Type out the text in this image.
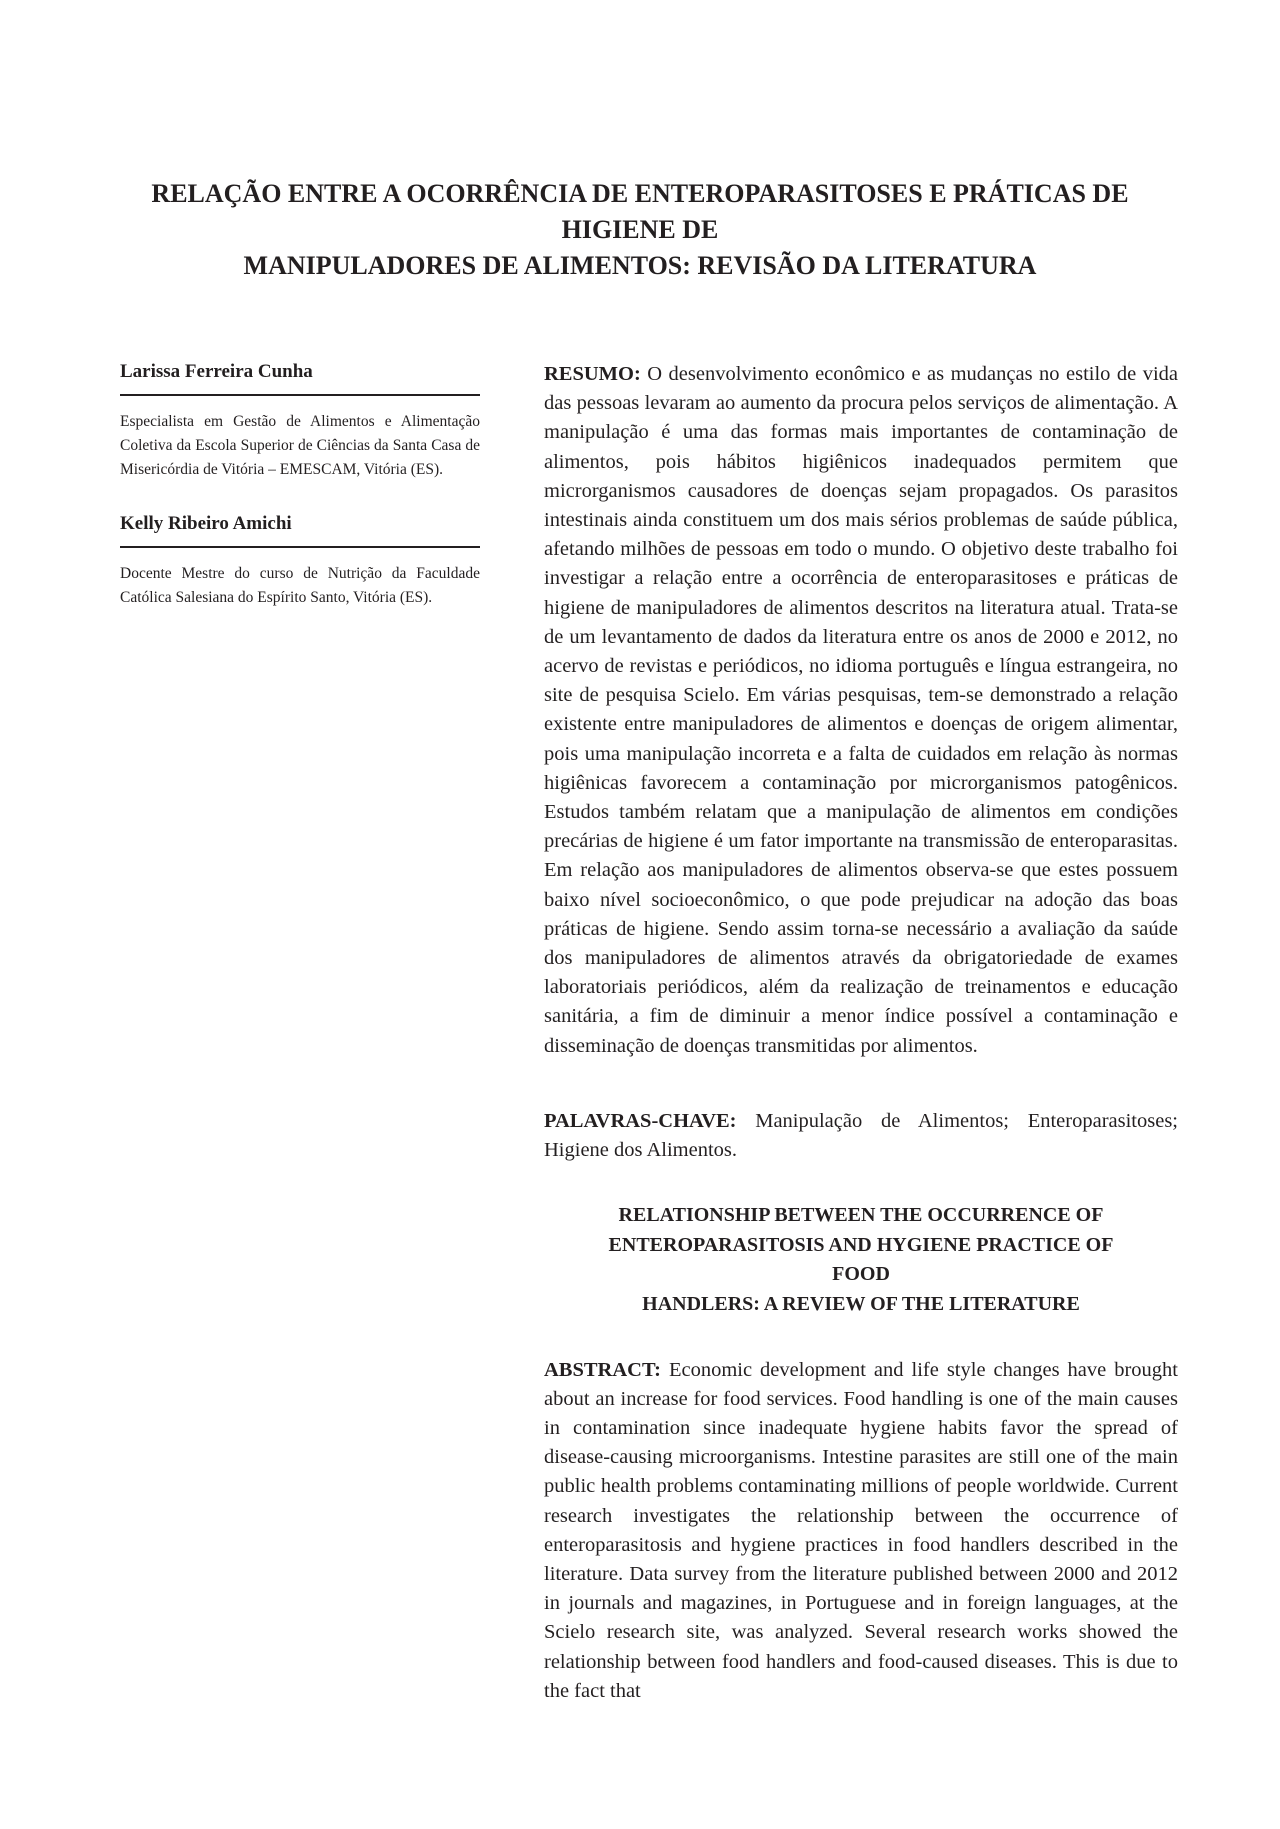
RELAÇÃO ENTRE A OCORRÊNCIA DE ENTEROPARASITOSES E PRÁTICAS DE HIGIENE DE
MANIPULADORES DE ALIMENTOS: REVISÃO DA LITERATURA
Larissa Ferreira Cunha
Especialista em Gestão de Alimentos e Alimentação Coletiva da Escola Superior de Ciências da Santa Casa de Misericórdia de Vitória – EMESCAM, Vitória (ES).
Kelly Ribeiro Amichi
Docente Mestre do curso de Nutrição da Faculdade Católica Salesiana do Espírito Santo, Vitória (ES).

RESUMO: O desenvolvimento econômico e as mudanças no estilo de vida das pessoas levaram ao aumento da procura pelos serviços de alimentação. A manipulação é uma das formas mais importantes de contaminação de alimentos, pois hábitos higiênicos inadequados permitem que microrganismos causadores de doenças sejam propagados. Os parasitos intestinais ainda constituem um dos mais sérios problemas de saúde pública, afetando milhões de pessoas em todo o mundo. O objetivo deste trabalho foi investigar a relação entre a ocorrência de enteroparasitoses e práticas de higiene de manipuladores de alimentos descritos na literatura atual. Trata-se de um levantamento de dados da literatura entre os anos de 2000 e 2012, no acervo de revistas e periódicos, no idioma português e língua estrangeira, no site de pesquisa Scielo. Em várias pesquisas, tem-se demonstrado a relação existente entre manipuladores de alimentos e doenças de origem alimentar, pois uma manipulação incorreta e a falta de cuidados em relação às normas higiênicas favorecem a contaminação por microrganismos patogênicos. Estudos também relatam que a manipulação de alimentos em condições precárias de higiene é um fator importante na transmissão de enteroparasitas. Em relação aos manipuladores de alimentos observa-se que estes possuem baixo nível socioeconômico, o que pode prejudicar na adoção das boas práticas de higiene. Sendo assim torna-se necessário a avaliação da saúde dos manipuladores de alimentos através da obrigatoriedade de exames laboratoriais periódicos, além da realização de treinamentos e educação sanitária, a fim de diminuir a menor índice possível a contaminação e disseminação de doenças transmitidas por alimentos.

PALAVRAS-CHAVE: Manipulação de Alimentos; Enteroparasitoses; Higiene dos Alimentos.

RELATIONSHIP BETWEEN THE OCCURRENCE OF
ENTEROPARASITOSIS AND HYGIENE PRACTICE OF FOOD
HANDLERS: A REVIEW OF THE LITERATURE

ABSTRACT: Economic development and life style changes have brought about an increase for food services. Food handling is one of the main causes in contamination since inadequate hygiene habits favor the spread of disease-causing microorganisms. Intestine parasites are still one of the main public health problems contaminating millions of people worldwide. Current research investigates the relationship between the occurrence of enteroparasitosis and hygiene practices in food handlers described in the literature. Data survey from the literature published between 2000 and 2012 in journals and magazines, in Portuguese and in foreign languages, at the Scielo research site, was analyzed. Several research works showed the relationship between food handlers and food-caused diseases. This is due to the fact that
